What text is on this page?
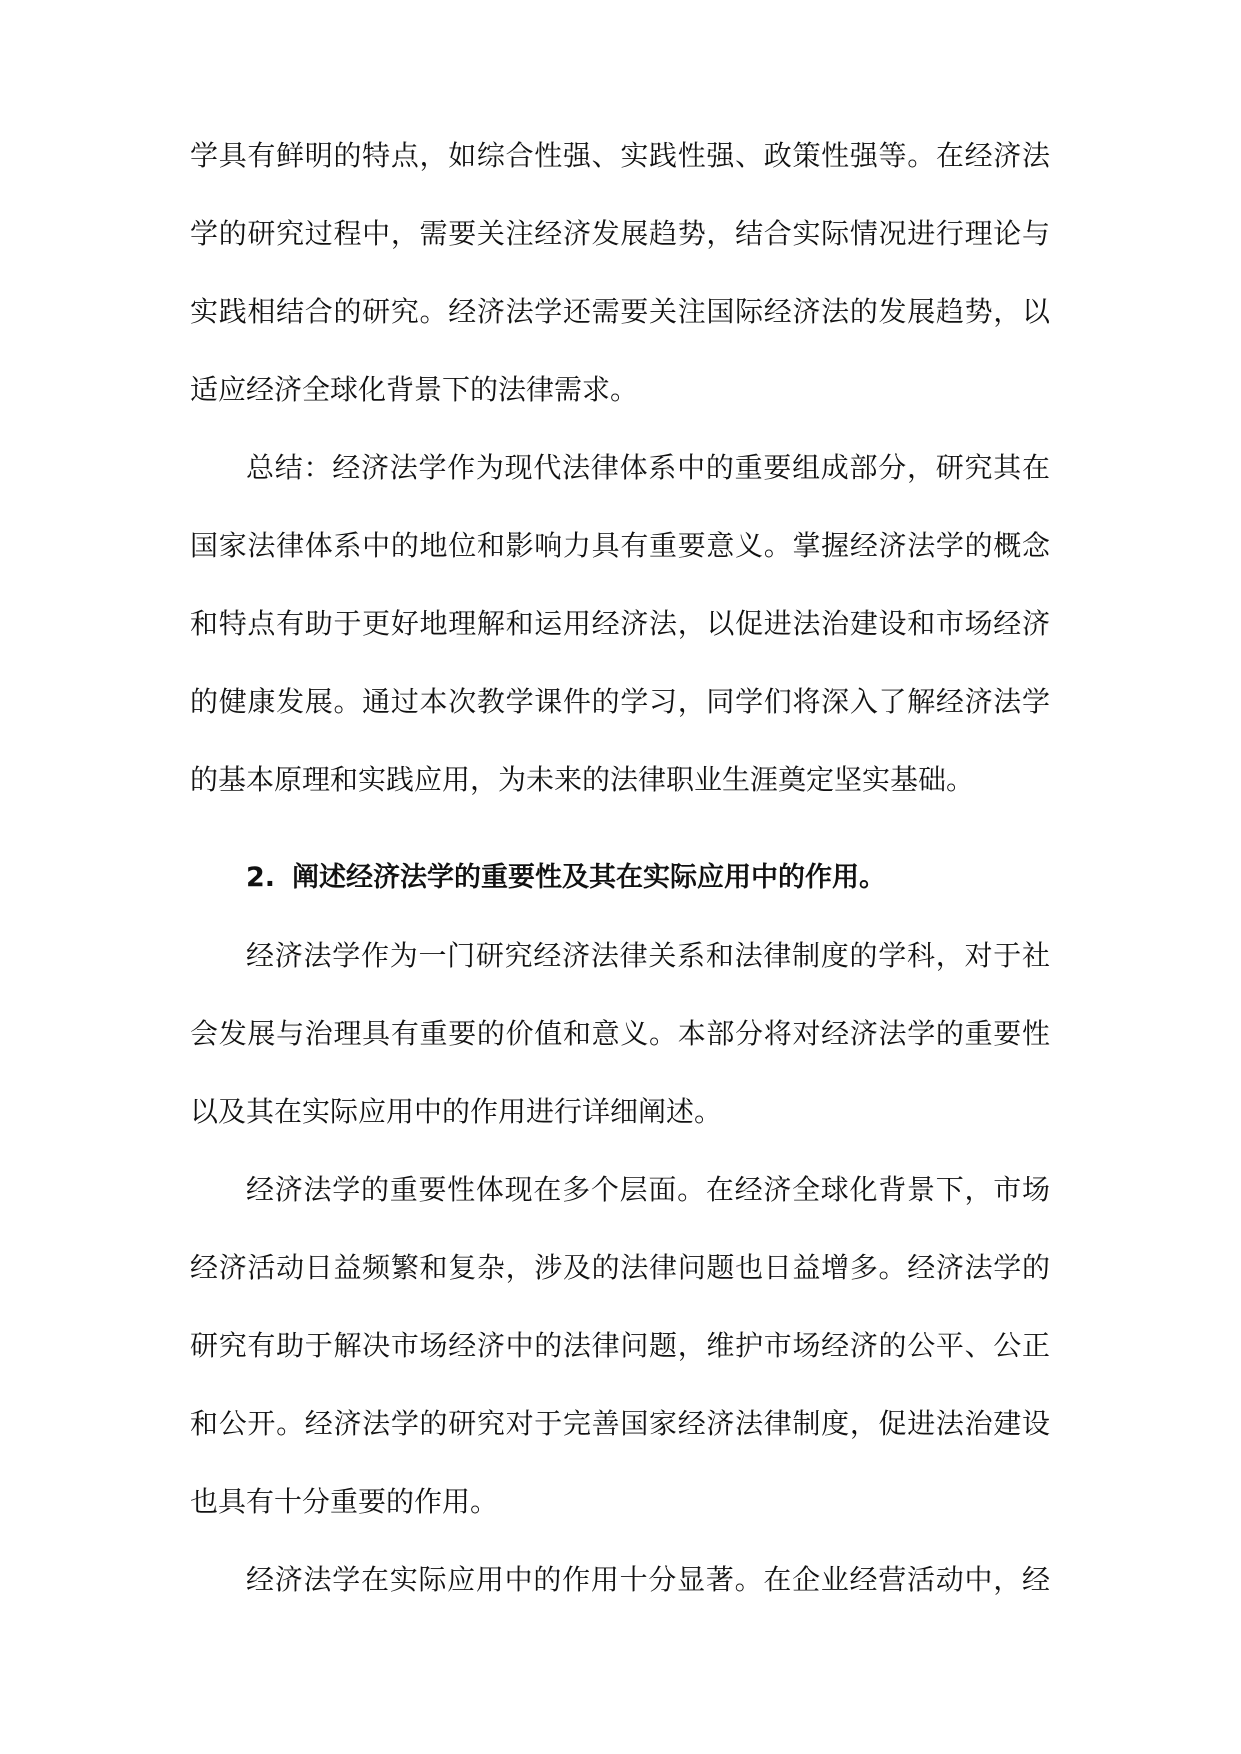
学具有鲜明的特点，如综合性强、实践性强、政策性强等。在经济法
学的研究过程中，需要关注经济发展趋势，结合实际情况进行理论与
实践相结合的研究。经济法学还需要关注国际经济法的发展趋势，以
适应经济全球化背景下的法律需求。
总结：经济法学作为现代法律体系中的重要组成部分，研究其在
国家法律体系中的地位和影响力具有重要意义。掌握经济法学的概念
和特点有助于更好地理解和运用经济法，以促进法治建设和市场经济
的健康发展。通过本次教学课件的学习，同学们将深入了解经济法学
的基本原理和实践应用，为未来的法律职业生涯奠定坚实基础。
2. 阐述经济法学的重要性及其在实际应用中的作用。
经济法学作为一门研究经济法律关系和法律制度的学科，对于社
会发展与治理具有重要的价值和意义。本部分将对经济法学的重要性
以及其在实际应用中的作用进行详细阐述。
经济法学的重要性体现在多个层面。在经济全球化背景下，市场
经济活动日益频繁和复杂，涉及的法律问题也日益增多。经济法学的
研究有助于解决市场经济中的法律问题，维护市场经济的公平、公正
和公开。经济法学的研究对于完善国家经济法律制度，促进法治建设
也具有十分重要的作用。
经济法学在实际应用中的作用十分显著。在企业经营活动中，经
